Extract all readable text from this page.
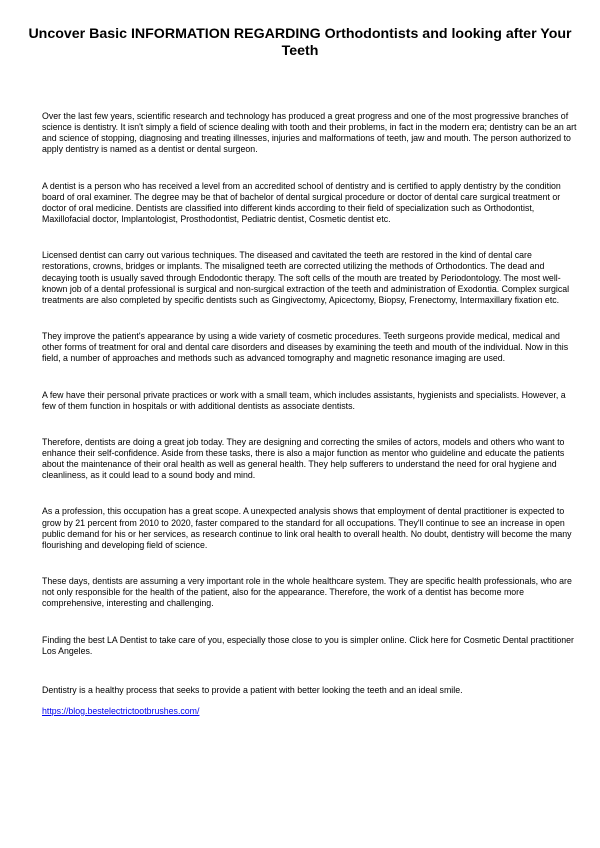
Uncover Basic INFORMATION REGARDING Orthodontists and looking after Your Teeth

Over the last few years, scientific research and technology has produced a great progress and one of the most progressive branches of science is dentistry. It isn't simply a field of science dealing with tooth and their problems, in fact in the modern era; dentistry can be an art and science of stopping, diagnosing and treating illnesses, injuries and malformations of teeth, jaw and mouth. The person authorized to apply dentistry is named as a dentist or dental surgeon.

A dentist is a person who has received a level from an accredited school of dentistry and is certified to apply dentistry by the condition board of oral examiner. The degree may be that of bachelor of dental surgical procedure or doctor of dental care surgical treatment or doctor of oral medicine. Dentists are classified into different kinds according to their field of specialization such as Orthodontist, Maxillofacial doctor, Implantologist, Prosthodontist, Pediatric dentist, Cosmetic dentist etc.

Licensed dentist can carry out various techniques. The diseased and cavitated the teeth are restored in the kind of dental care restorations, crowns, bridges or implants. The misaligned teeth are corrected utilizing the methods of Orthodontics. The dead and decaying tooth is usually saved through Endodontic therapy. The soft cells of the mouth are treated by Periodontology. The most well-known job of a dental professional is surgical and non-surgical extraction of the teeth and administration of Exodontia. Complex surgical treatments are also completed by specific dentists such as Gingivectomy, Apicectomy, Biopsy, Frenectomy, Intermaxillary fixation etc.

They improve the patient's appearance by using a wide variety of cosmetic procedures. Teeth surgeons provide medical, medical and other forms of treatment for oral and dental care disorders and diseases by examining the teeth and mouth of the individual. Now in this field, a number of approaches and methods such as advanced tomography and magnetic resonance imaging are used.

A few have their personal private practices or work with a small team, which includes assistants, hygienists and specialists. However, a few of them function in hospitals or with additional dentists as associate dentists.

Therefore, dentists are doing a great job today. They are designing and correcting the smiles of actors, models and others who want to enhance their self-confidence. Aside from these tasks, there is also a major function as mentor who guideline and educate the patients about the maintenance of their oral health as well as general health. They help sufferers to understand the need for oral hygiene and cleanliness, as it could lead to a sound body and mind.

As a profession, this occupation has a great scope. A unexpected analysis shows that employment of dental practitioner is expected to grow by 21 percent from 2010 to 2020, faster compared to the standard for all occupations. They'll continue to see an increase in open public demand for his or her services, as research continue to link oral health to overall health. No doubt, dentistry will become the many flourishing and developing field of science.

These days, dentists are assuming a very important role in the whole healthcare system. They are specific health professionals, who are not only responsible for the health of the patient, also for the appearance. Therefore, the work of a dentist has become more comprehensive, interesting and challenging.

Finding the best LA Dentist to take care of you, especially those close to you is simpler online. Click here for Cosmetic Dental practitioner Los Angeles.

Dentistry is a healthy process that seeks to provide a patient with better looking the teeth and an ideal smile.

https://blog.bestelectrictootbrushes.com/
